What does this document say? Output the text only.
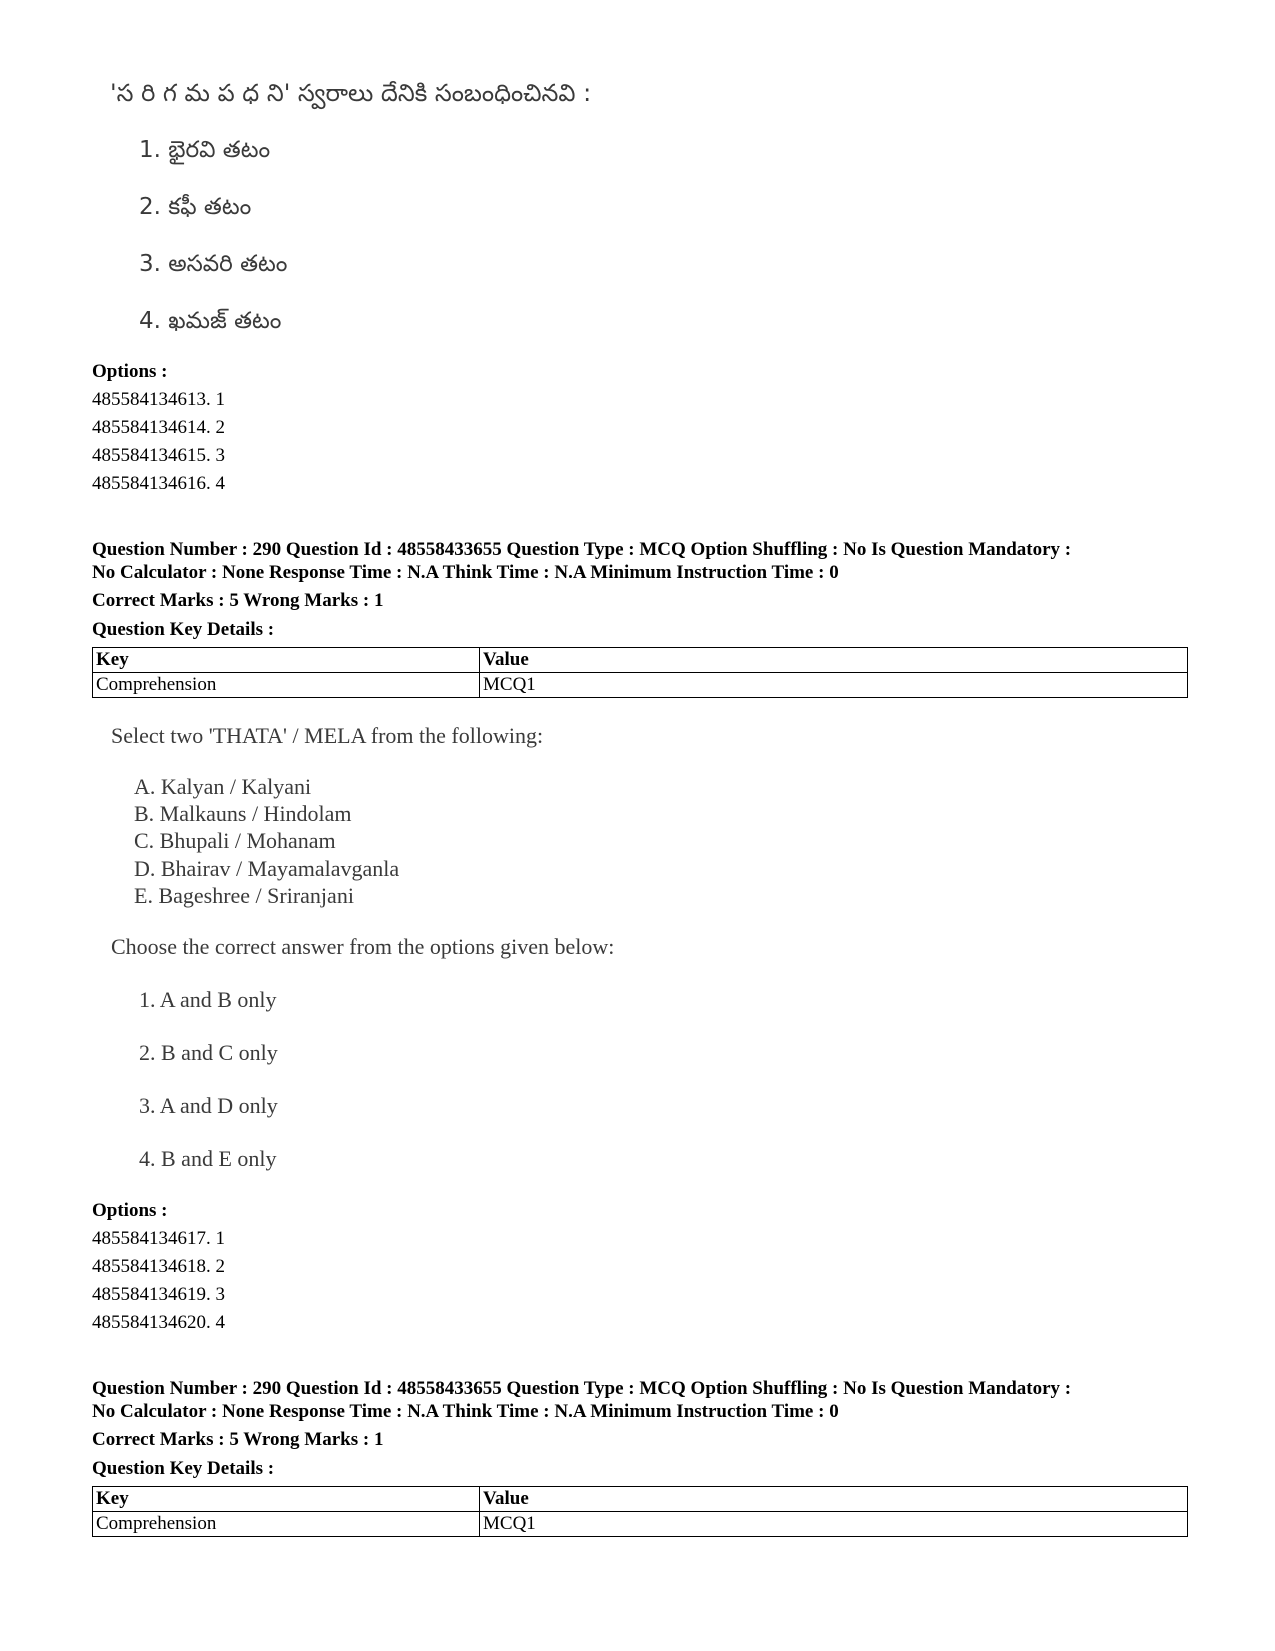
'స రి గ మ ప ధ ని' స్వరాలు దేనికి సంబంధించినవి :
1. భైరవి తటం
2. కఫీ తటం
3. అసవరి తటం
4. ఖమజ్ తటం
Options :
485584134613. 1
485584134614. 2
485584134615. 3
485584134616. 4
Question Number : 290 Question Id : 48558433655 Question Type : MCQ Option Shuffling : No Is Question Mandatory :
No Calculator : None Response Time : N.A Think Time : N.A Minimum Instruction Time : 0
Correct Marks : 5 Wrong Marks : 1
Question Key Details :
Key	Value
Comprehension	MCQ1
Select two 'THATA' / MELA from the following:
A. Kalyan / Kalyani
B. Malkauns / Hindolam
C. Bhupali / Mohanam
D. Bhairav / Mayamalavganla
E. Bageshree / Sriranjani
Choose the correct answer from the options given below:
1. A and B only
2. B and C only
3. A and D only
4. B and E only
Options :
485584134617. 1
485584134618. 2
485584134619. 3
485584134620. 4
Question Number : 290 Question Id : 48558433655 Question Type : MCQ Option Shuffling : No Is Question Mandatory :
No Calculator : None Response Time : N.A Think Time : N.A Minimum Instruction Time : 0
Correct Marks : 5 Wrong Marks : 1
Question Key Details :
Key	Value
Comprehension	MCQ1
